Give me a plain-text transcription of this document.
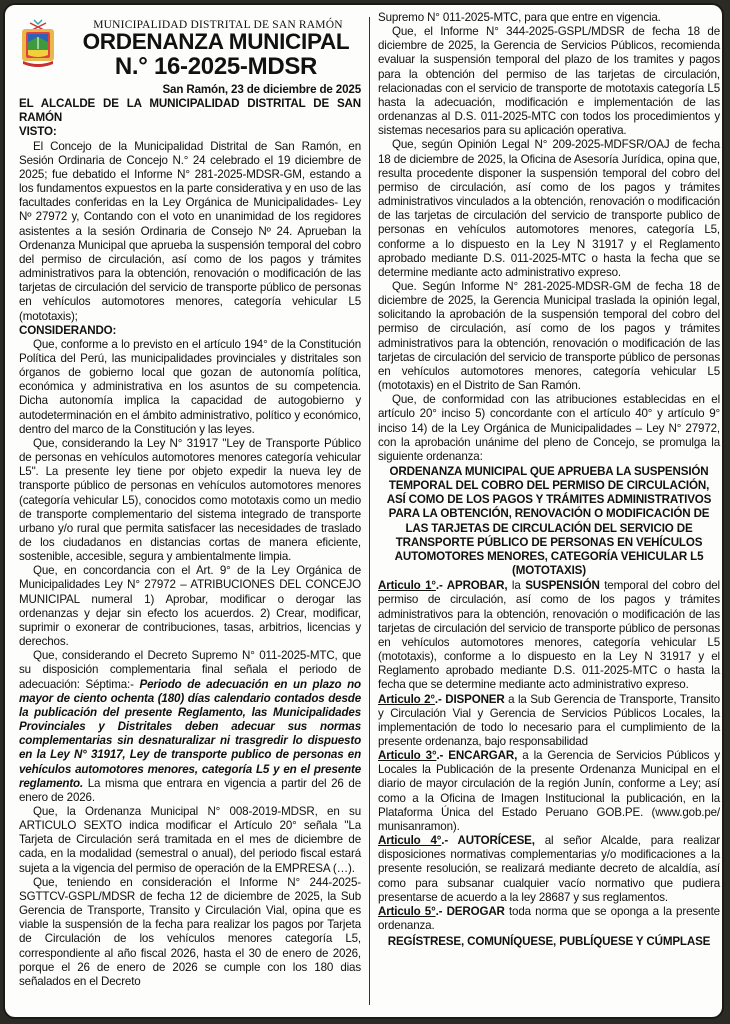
MUNICIPALIDAD DISTRITAL DE SAN RAMÓN
ORDENANZA MUNICIPAL
N.° 16-2025-MDSR
San Ramón, 23 de diciembre de 2025

EL ALCALDE DE LA MUNICIPALIDAD DISTRITAL DE SAN RAMÓN

VISTO:

El Concejo de la Municipalidad Distrital de San Ramón, en Sesión Ordinaria de Concejo N.° 24 celebrado el 19 diciembre de 2025; fue debatido el Informe N° 281-2025-MDSR-GM, estando a los fundamentos expuestos en la parte considerativa y en uso de las facultades conferidas en la Ley Orgánica de Municipalidades- Ley Nº 27972 y, Contando con el voto en unanimidad de los regidores asistentes a la sesión Ordinaria de Consejo Nº 24. Aprueban la Ordenanza Municipal que aprueba la suspensión temporal del cobro del permiso de circulación, así como de los pagos y trámites administrativos para la obtención, renovación o modificación de las tarjetas de circulación del servicio de transporte público de personas en vehículos automotores menores, categoría vehicular L5 (mototaxis);

CONSIDERANDO:

Que, conforme a lo previsto en el artículo 194° de la Constitución Política del Perú, las municipalidades provinciales y distritales son órganos de gobierno local que gozan de autonomía política, económica y administrativa en los asuntos de su competencia. Dicha autonomía implica la capacidad de autogobierno y autodeterminación en el ámbito administrativo, político y económico, dentro del marco de la Constitución y las leyes.

Que, considerando la Ley N° 31917 "Ley de Transporte Público de personas en vehículos automotores menores categoría vehicular L5". La presente ley tiene por objeto expedir la nueva ley de transporte público de personas en vehículos automotores menores (categoría vehicular L5), conocidos como mototaxis como un medio de transporte complementario del sistema integrado de transporte urbano y/o rural que permita satisfacer las necesidades de traslado de los ciudadanos en distancias cortas de manera eficiente, sostenible, accesible, segura y ambientalmente limpia.

Que, en concordancia con el Art. 9° de la Ley Orgánica de Municipalidades Ley N° 27972 – ATRIBUCIONES DEL CONCEJO MUNICIPAL numeral 1) Aprobar, modificar o derogar las ordenanzas y dejar sin efecto los acuerdos. 2) Crear, modificar, suprimir o exonerar de contribuciones, tasas, arbitrios, licencias y derechos.

Que, considerando el Decreto Supremo N° 011-2025-MTC, que su disposición complementaria final señala el periodo de adecuación: Séptima:- Periodo de adecuación en un plazo no mayor de ciento ochenta (180) días calendario contados desde la publicación del presente Reglamento, las Municipalidades Provinciales y Distritales deben adecuar sus normas complementarias sin desnaturalizar ni trasgredir lo dispuesto en la Ley N° 31917, Ley de transporte publico de personas en vehículos automotores menores, categoría L5 y en el presente reglamento. La misma que entrara en vigencia a partir del 26 de enero de 2026.

Que, la Ordenanza Municipal N° 008-2019-MDSR, en su ARTICULO SEXTO indica modificar el Artículo 20° señala "La Tarjeta de Circulación será tramitada en el mes de diciembre de cada, en la modalidad (semestral o anual), del periodo fiscal estará sujeta a la vigencia del permiso de operación de la EMPRESA (…).

Que, teniendo en consideración el Informe N° 244-2025-SGTTCV-GSPL/MDSR de fecha 12 de diciembre de 2025, la Sub Gerencia de Transporte, Transito y Circulación Vial, opina que es viable la suspensión de la fecha para realizar los pagos por Tarjeta de Circulación de los vehículos menores categoría L5, correspondiente al año fiscal 2026, hasta el 30 de enero de 2026, porque el 26 de enero de 2026 se cumple con los 180 dias señalados en el Decreto

Supremo N° 011-2025-MTC, para que entre en vigencia.

Que, el Informe N° 344-2025-GSPL/MDSR de fecha 18 de diciembre de 2025, la Gerencia de Servicios Públicos, recomienda evaluar la suspensión temporal del plazo de los tramites y pagos para la obtención del permiso de las tarjetas de circulación, relacionadas con el servicio de transporte de mototaxis categoría L5 hasta la adecuación, modificación e implementación de las ordenanzas al D.S. 011-2025-MTC con todos los procedimientos y sistemas necesarios para su aplicación operativa.

Que, según Opinión Legal N° 209-2025-MDFSR/OAJ de fecha 18 de diciembre de 2025, la Oficina de Asesoría Jurídica, opina que, resulta procedente disponer la suspensión temporal del cobro del permiso de circulación, así como de los pagos y trámites administrativos vinculados a la obtención, renovación o modificación de las tarjetas de circulación del servicio de transporte publico de personas en vehículos automotores menores, categoría L5, conforme a lo dispuesto en la Ley N 31917 y el Reglamento aprobado mediante D.S. 011-2025-MTC o hasta la fecha que se determine mediante acto administrativo expreso.

Que. Según Informe N° 281-2025-MDSR-GM de fecha 18 de diciembre de 2025, la Gerencia Municipal traslada la opinión legal, solicitando la aprobación de la suspensión temporal del cobro del permiso de circulación, así como de los pagos y trámites administrativos para la obtención, renovación o modificación de las tarjetas de circulación del servicio de transporte público de personas en vehículos automotores menores, categoría vehicular L5 (mototaxis) en el Distrito de San Ramón.

Que, de conformidad con las atribuciones establecidas en el artículo 20° inciso 5) concordante con el artículo 40° y artículo 9° inciso 14) de la Ley Orgánica de Municipalidades – Ley N° 27972, con la aprobación unánime del pleno de Concejo, se promulga la siguiente ordenanza:

ORDENANZA MUNICIPAL QUE APRUEBA LA SUSPENSIÓN TEMPORAL DEL COBRO DEL PERMISO DE CIRCULACIÓN, ASÍ COMO DE LOS PAGOS Y TRÁMITES ADMINISTRATIVOS PARA LA OBTENCIÓN, RENOVACIÓN O MODIFICACIÓN DE LAS TARJETAS DE CIRCULACIÓN DEL SERVICIO DE TRANSPORTE PÚBLICO DE PERSONAS EN VEHÍCULOS AUTOMOTORES MENORES, CATEGORÍA VEHICULAR L5 (MOTOTAXIS)

Articulo 1°.- APROBAR, la SUSPENSIÓN temporal del cobro del permiso de circulación, así como de los pagos y trámites administrativos para la obtención, renovación o modificación de las tarjetas de circulación del servicio de transporte público de personas en vehículos automotores menores, categoría vehicular L5 (mototaxis), conforme a lo dispuesto en la Ley N 31917 y el Reglamento aprobado mediante D.S. 011-2025-MTC o hasta la fecha que se determine mediante acto administrativo expreso.

Articulo 2°.- DISPONER a la Sub Gerencia de Transporte, Transito y Circulación Vial y Gerencia de Servicios Públicos Locales, la implementación de todo lo necesario para el cumplimiento de la presente ordenanza, bajo responsabilidad

Articulo 3°.- ENCARGAR, a la Gerencia de Servicios Públicos y Locales la Publicación de la presente Ordenanza Municipal en el diario de mayor circulación de la región Junín, conforme a Ley; así como a la Oficina de Imagen Institucional la publicación, en la Plataforma Única del Estado Peruano GOB.PE. (www.gob.pe/ munisanramon).

Articulo 4°.- AUTORÍCESE, al señor Alcalde, para realizar disposiciones normativas complementarias y/o modificaciones a la presente resolución, se realizará mediante decreto de alcaldía, así como para subsanar cualquier vacío normativo que pudiera presentarse de acuerdo a la ley 28687 y sus reglamentos.

Articulo 5°.- DEROGAR toda norma que se oponga a la presente ordenanza.

REGÍSTRESE, COMUNÍQUESE, PUBLÍQUESE Y CÚMPLASE
